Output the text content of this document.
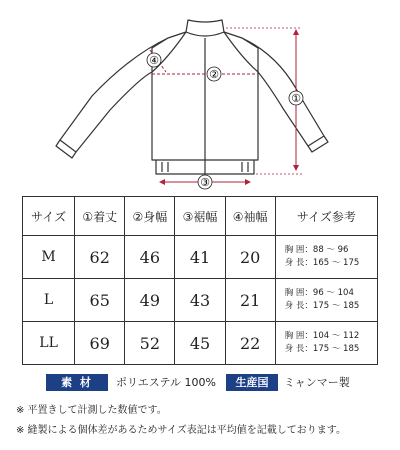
①
②
③
④
サイズ	①着丈	②身幅	③裾幅	④袖幅	サイズ参考
M	62	46	41	20	胸 囲：88 ～ 96
身 長：165 ～ 175

L	65	49	43	21	胸 囲：96 ～ 104
身 長：175 ～ 185

LL	69	52	45	22	胸 囲：104 ～ 112
身 長：175 ～ 185
素 材	ポリエステル 100%	生産国	ミャンマー製
※ 平置きして計測した数値です。
※ 縫製による個体差があるためサイズ表記は平均値を記載しております。
